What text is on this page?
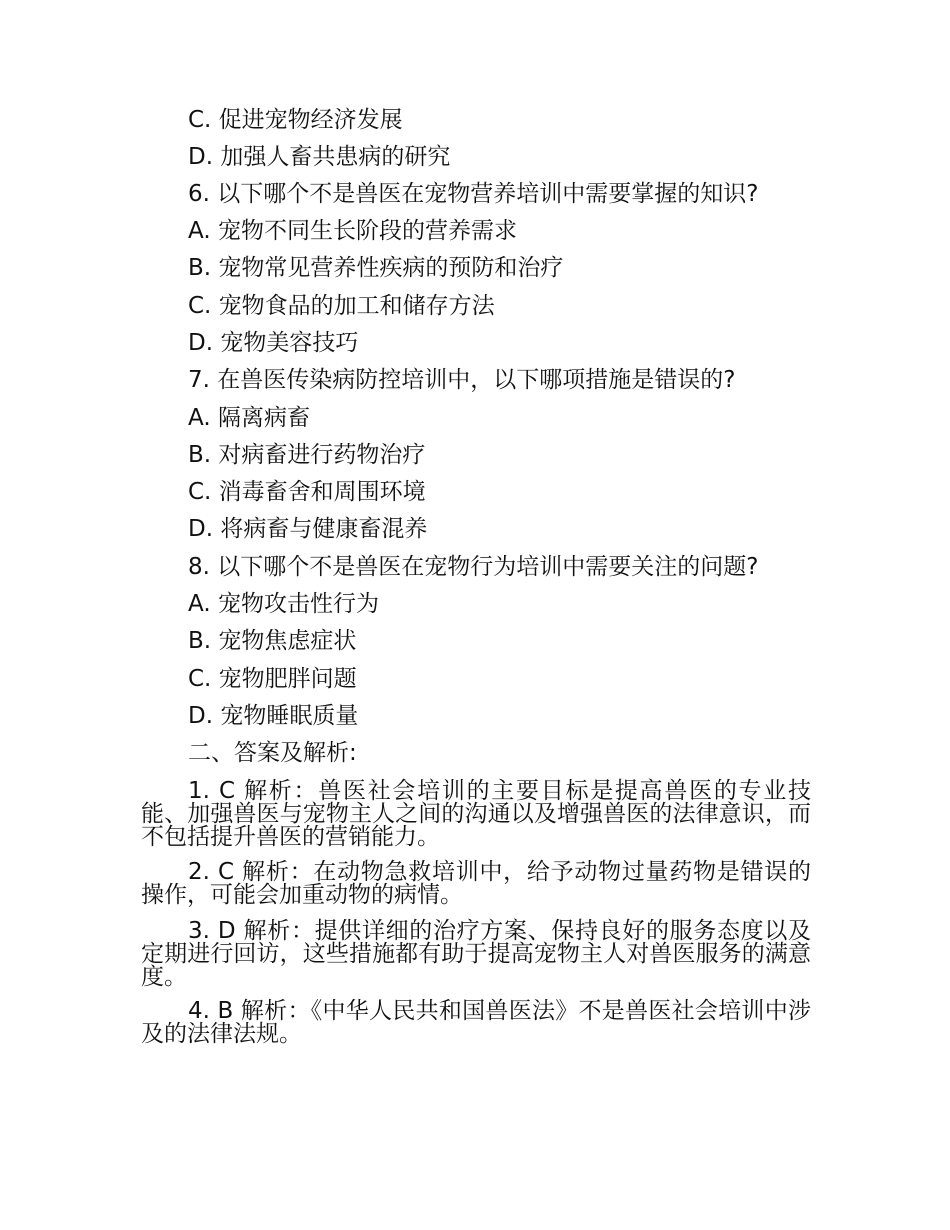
C. 促进宠物经济发展
D. 加强人畜共患病的研究
6. 以下哪个不是兽医在宠物营养培训中需要掌握的知识?
A. 宠物不同生长阶段的营养需求
B. 宠物常见营养性疾病的预防和治疗
C. 宠物食品的加工和储存方法
D. 宠物美容技巧
7. 在兽医传染病防控培训中，以下哪项措施是错误的?
A. 隔离病畜
B. 对病畜进行药物治疗
C. 消毒畜舍和周围环境
D. 将病畜与健康畜混养
8. 以下哪个不是兽医在宠物行为培训中需要关注的问题?
A. 宠物攻击性行为
B. 宠物焦虑症状
C. 宠物肥胖问题
D. 宠物睡眠质量
二、答案及解析:
1. C 解析：兽医社会培训的主要目标是提高兽医的专业技能、加强兽医与宠物主人之间的沟通以及增强兽医的法律意识，而不包括提升兽医的营销能力。
2. C 解析：在动物急救培训中，给予动物过量药物是错误的操作，可能会加重动物的病情。
3. D 解析：提供详细的治疗方案、保持良好的服务态度以及定期进行回访，这些措施都有助于提高宠物主人对兽医服务的满意度。
4. B 解析：《中华人民共和国兽医法》不是兽医社会培训中涉及的法律法规。
